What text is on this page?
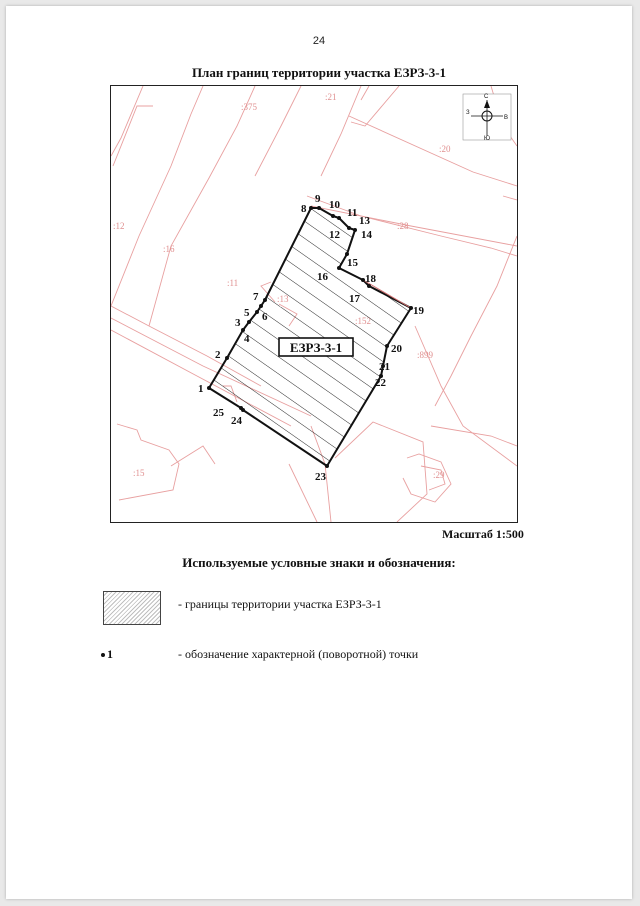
24
План границ территории участка ЕЗРЗ-3-1
:375
:21
:20
:12
:16
:28
:11
:899
:15	:29
С
З
В
Ю
ЕЗРЗ-3-1
1
2
3
4
5 6
7
8
9 10
11
12
13
14
15
16
17
18
19
20
21
22
23
24
25
Масштаб 1:500
Используемые условные знаки и обозначения:
- границы территории участка ЕЗРЗ-3-1
1	- обозначение характерной (поворотной) точки
